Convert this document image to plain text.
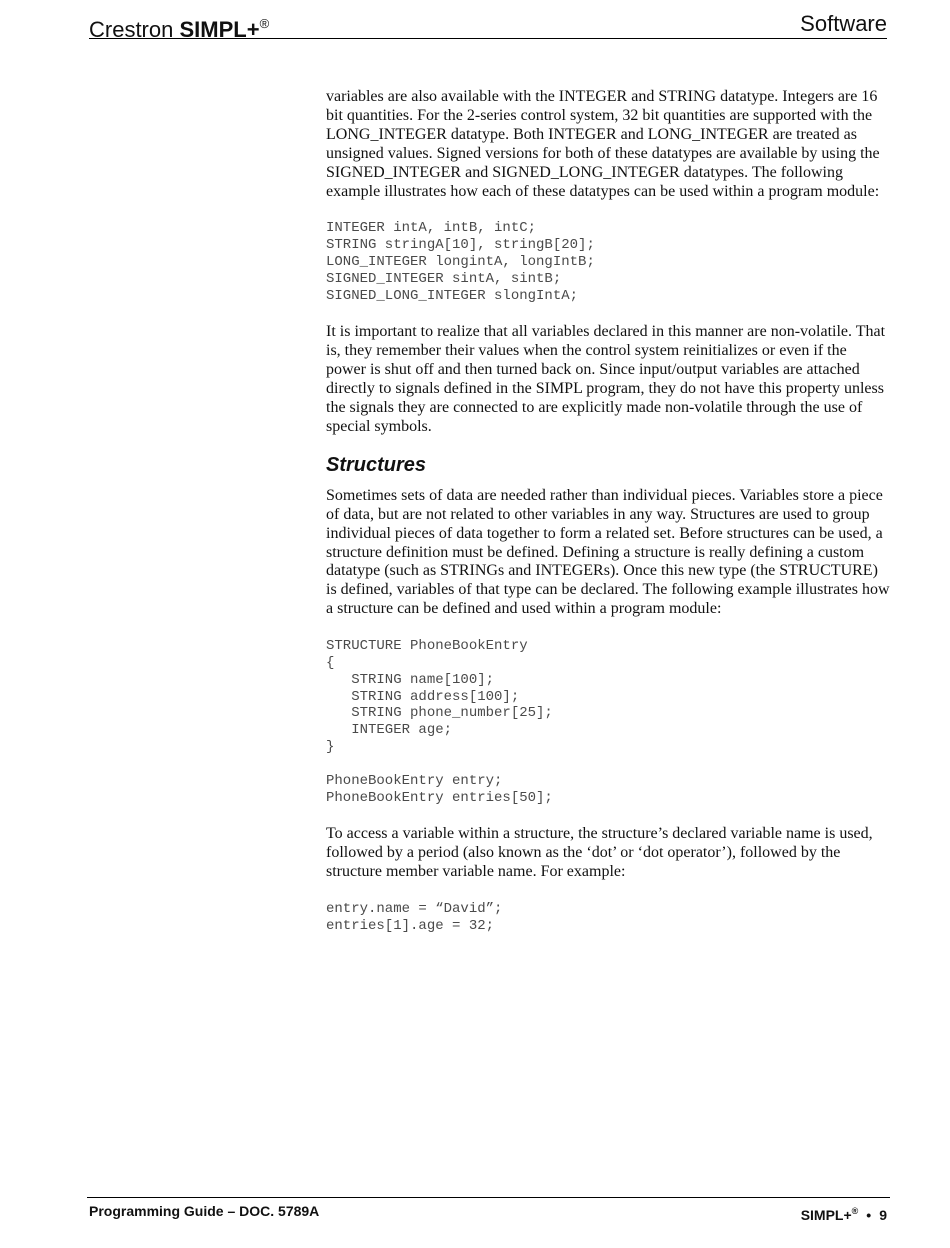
Crestron SIMPL+®	Software

variables are also available with the INTEGER and STRING datatype. Integers are 16 bit quantities. For the 2-series control system, 32 bit quantities are supported with the LONG_INTEGER datatype. Both INTEGER and LONG_INTEGER are treated as unsigned values. Signed versions for both of these datatypes are available by using the SIGNED_INTEGER and SIGNED_LONG_INTEGER datatypes. The following example illustrates how each of these datatypes can be used within a program module:

INTEGER intA, intB, intC;
STRING stringA[10], stringB[20];
LONG_INTEGER longintA, longIntB;
SIGNED_INTEGER sintA, sintB;
SIGNED_LONG_INTEGER slongIntA;

It is important to realize that all variables declared in this manner are non-volatile. That is, they remember their values when the control system reinitializes or even if the power is shut off and then turned back on. Since input/output variables are attached directly to signals defined in the SIMPL program, they do not have this property unless the signals they are connected to are explicitly made non-volatile through the use of special symbols.

Structures

Sometimes sets of data are needed rather than individual pieces. Variables store a piece of data, but are not related to other variables in any way. Structures are used to group individual pieces of data together to form a related set. Before structures can be used, a structure definition must be defined. Defining a structure is really defining a custom datatype (such as STRINGs and INTEGERs). Once this new type (the STRUCTURE) is defined, variables of that type can be declared. The following example illustrates how a structure can be defined and used within a program module:

STRUCTURE PhoneBookEntry
{
STRING name[100];
STRING address[100];
STRING phone_number[25];
INTEGER age;
}
PhoneBookEntry entry;
PhoneBookEntry entries[50];

To access a variable within a structure, the structure’s declared variable name is used, followed by a period (also known as the ‘dot’ or ‘dot operator’), followed by the structure member variable name. For example:

entry.name = “David”;
entries[1].age = 32;
Programming Guide – DOC. 5789A	SIMPL+® • 9
